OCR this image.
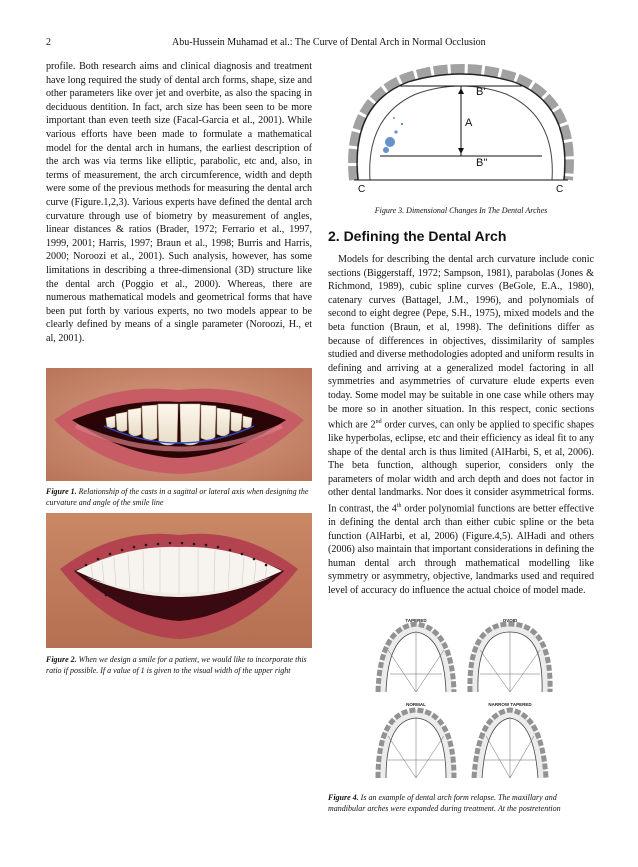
2	Abu-Hussein Muhamad et al.: The Curve of Dental Arch in Normal Occlusion

profile. Both research aims and clinical diagnosis and treatment have long required the study of dental arch forms, shape, size and other parameters like over jet and overbite, as also the spacing in deciduous dentition. In fact, arch size has been seen to be more important than even teeth size (Facal-Garcia et al., 2001). While various efforts have been made to formulate a mathematical model for the dental arch in humans, the earliest description of the arch was via terms like elliptic, parabolic, etc and, also, in terms of measurement, the arch circumference, width and depth were some of the previous methods for measuring the dental arch curve (Figure.1,2,3). Various experts have defined the dental arch curvature through use of biometry by measurement of angles, linear distances & ratios (Brader, 1972; Ferrario et al., 1997, 1999, 2001; Harris, 1997; Braun et al., 1998; Burris and Harris, 2000; Noroozi et al., 2001). Such analysis, however, has some limitations in describing a three-dimensional (3D) structure like the dental arch (Poggio et al., 2000). Whereas, there are numerous mathematical models and geometrical forms that have been put forth by various experts, no two models appear to be clearly defined by means of a single parameter (Noroozi, H., et al, 2001).

Figure 1. Relationship of the casts in a sagittal or lateral axis when designing the curvature and angle of the smile line
Figure 2. When we design a smile for a patient, we would like to incorporate this ratio if possible. If a value of 1 is given to the visual width of the upper right
B'
A
B''
C	C
Figure 3. Dimensional Changes In The Dental Arches
2. Defining the Dental Arch

Models for describing the dental arch curvature include conic sections (Biggerstaff, 1972; Sampson, 1981), parabolas (Jones & Richmond, 1989), cubic spline curves (BeGole, E.A., 1980), catenary curves (Battagel, J.M., 1996), and polynomials of second to eight degree (Pepe, S.H., 1975), mixed models and the beta function (Braun, et al, 1998). The definitions differ as because of differences in objectives, dissimilarity of samples studied and diverse methodologies adopted and uniform results in defining and arriving at a generalized model factoring in all symmetries and asymmetries of curvature elude experts even today. Some model may be suitable in one case while others may be more so in another situation. In this respect, conic sections which are 2nd order curves, can only be applied to specific shapes like hyperbolas, eclipse, etc and their efficiency as ideal fit to any shape of the dental arch is thus limited (AlHarbi, S, et al, 2006). The beta function, although superior, considers only the parameters of molar width and arch depth and does not factor in other dental landmarks. Nor does it consider asymmetrical forms. In contrast, the 4th order polynomial functions are better effective in defining the dental arch than either cubic spline or the beta function (AlHarbi, et al, 2006) (Figure.4,5). AlHadi and others (2006) also maintain that important considerations in defining the human dental arch through mathematical modelling like symmetry or asymmetry, objective, landmarks used and required level of accuracy do influence the actual choice of model made.

TAPERED	OVOID
NORMAL	NARROW TAPERED
Figure 4. Is an example of dental arch form relapse. The maxillary and mandibular arches were expanded during treatment. At the postretention
